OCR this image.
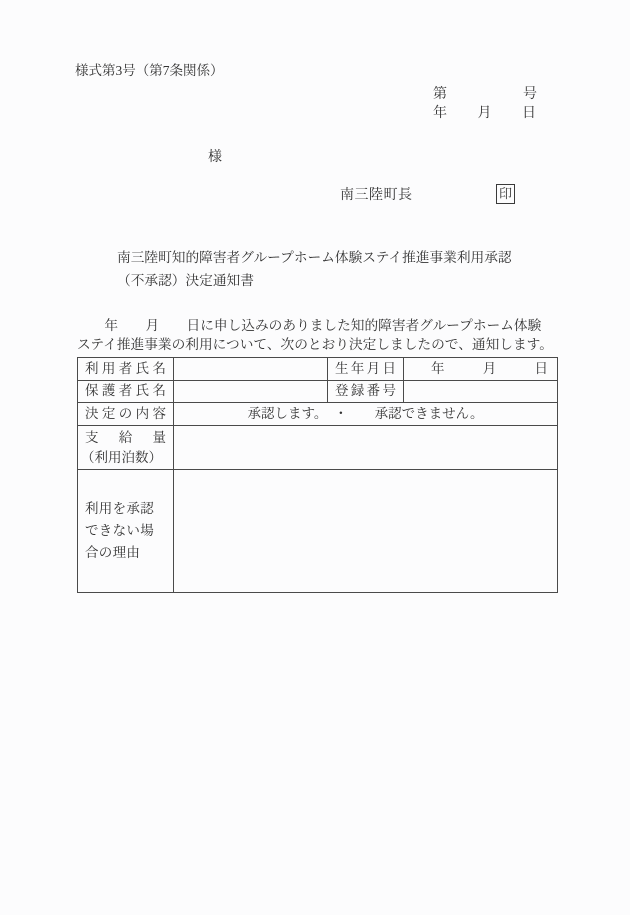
様式第3号（第7条関係）
第	号
年 月 日
様
南三陸町長	印
南三陸町知的障害者グループホーム体験ステイ推進事業利用承認
（不承認）決定通知書
　　年　　月　　日に申し込みのありました知的障害者グループホーム体験
ステイ推進事業の利用について、次のとおり決定しましたので、通知します。
利 用 者 氏 名		生 年 月 日	年 月 日

保 護 者 氏 名		登 録 番 号	

決 定 の 内 容	承認します。　・　　承認できません。		

支 給 量
（利用泊数）			

利用を承認できない場合の理由			
